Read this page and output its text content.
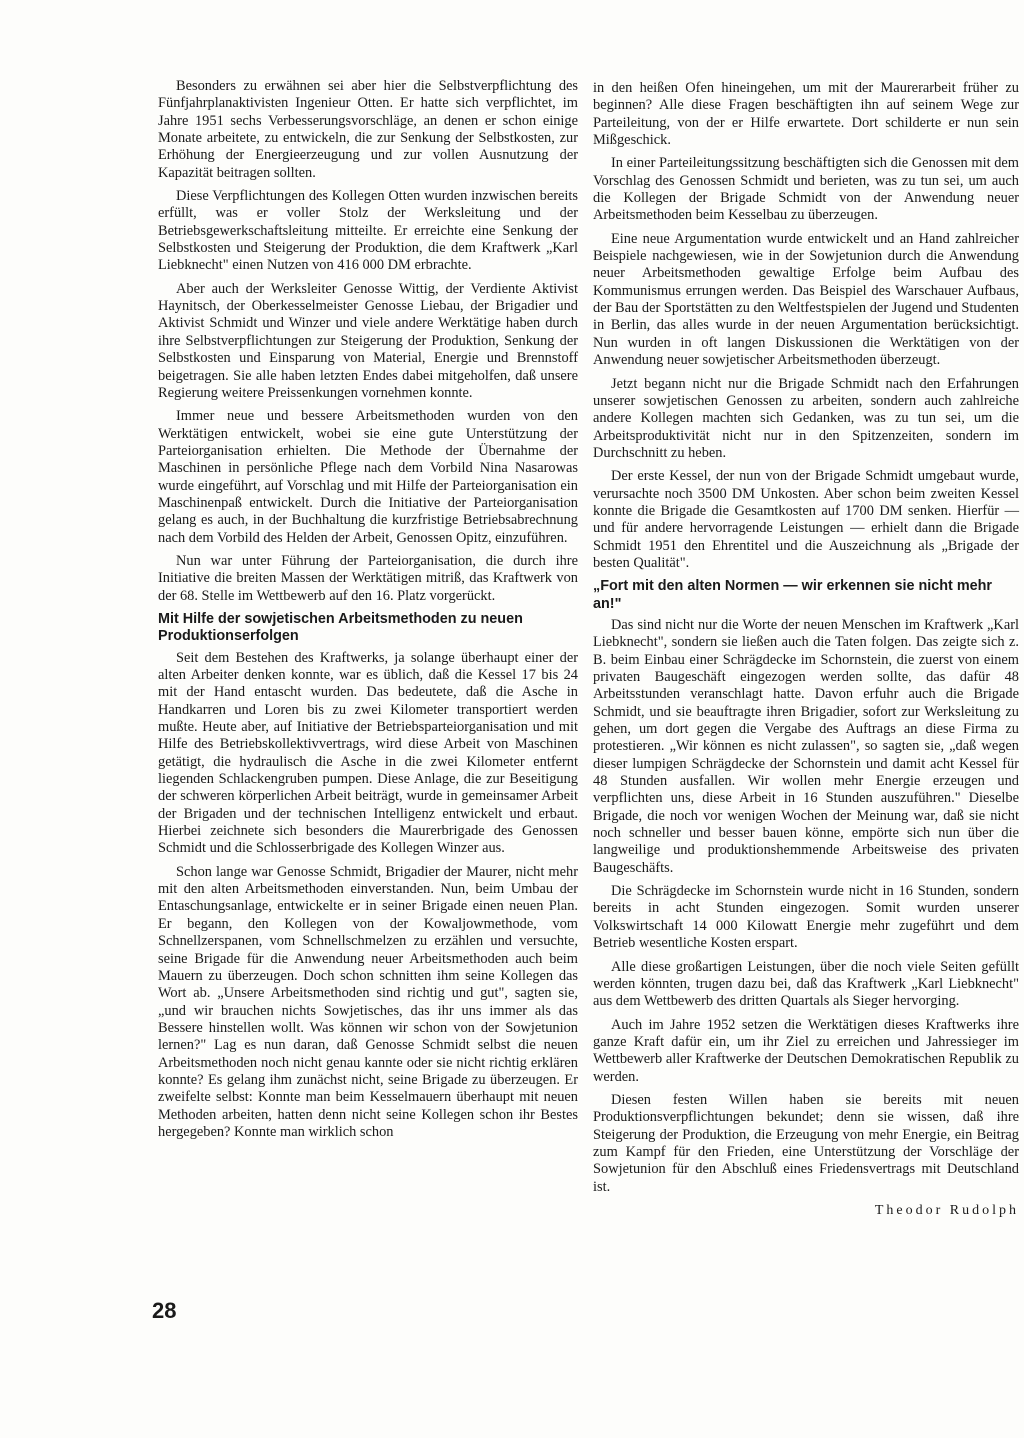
Besonders zu erwähnen sei aber hier die Selbstverpflichtung des Fünfjahrplanaktivisten Ingenieur Otten. Er hatte sich verpflichtet, im Jahre 1951 sechs Verbesserungsvorschläge, an denen er schon einige Monate arbeitete, zu entwickeln, die zur Senkung der Selbstkosten, zur Erhöhung der Energieerzeugung und zur vollen Ausnutzung der Kapazität beitragen sollten.

Diese Verpflichtungen des Kollegen Otten wurden inzwischen bereits erfüllt, was er voller Stolz der Werksleitung und der Betriebsgewerkschaftsleitung mitteilte. Er erreichte eine Senkung der Selbstkosten und Steigerung der Produktion, die dem Kraftwerk „Karl Liebknecht" einen Nutzen von 416 000 DM erbrachte.

Aber auch der Werksleiter Genosse Wittig, der Verdiente Aktivist Haynitsch, der Oberkesselmeister Genosse Liebau, der Brigadier und Aktivist Schmidt und Winzer und viele andere Werktätige haben durch ihre Selbstverpflichtungen zur Steigerung der Produktion, Senkung der Selbstkosten und Einsparung von Material, Energie und Brennstoff beigetragen. Sie alle haben letzten Endes dabei mitgeholfen, daß unsere Regierung weitere Preissenkungen vornehmen konnte.

Immer neue und bessere Arbeitsmethoden wurden von den Werktätigen entwickelt, wobei sie eine gute Unterstützung der Parteiorganisation erhielten. Die Methode der Übernahme der Maschinen in persönliche Pflege nach dem Vorbild Nina Nasarowas wurde eingeführt, auf Vorschlag und mit Hilfe der Parteiorganisation ein Maschinenpaß entwickelt. Durch die Initiative der Parteiorganisation gelang es auch, in der Buchhaltung die kurzfristige Betriebsabrechnung nach dem Vorbild des Helden der Arbeit, Genossen Opitz, einzuführen.

Nun war unter Führung der Parteiorganisation, die durch ihre Initiative die breiten Massen der Werktätigen mitriß, das Kraftwerk von der 68. Stelle im Wettbewerb auf den 16. Platz vorgerückt.

Mit Hilfe der sowjetischen Arbeitsmethoden zu neuen Produktionserfolgen

Seit dem Bestehen des Kraftwerks, ja solange überhaupt einer der alten Arbeiter denken konnte, war es üblich, daß die Kessel 17 bis 24 mit der Hand entascht wurden. Das bedeutete, daß die Asche in Handkarren und Loren bis zu zwei Kilometer transportiert werden mußte. Heute aber, auf Initiative der Betriebsparteiorganisation und mit Hilfe des Betriebskollektivvertrags, wird diese Arbeit von Maschinen getätigt, die hydraulisch die Asche in die zwei Kilometer entfernt liegenden Schlackengruben pumpen. Diese Anlage, die zur Beseitigung der schweren körperlichen Arbeit beiträgt, wurde in gemeinsamer Arbeit der Brigaden und der technischen Intelligenz entwickelt und erbaut. Hierbei zeichnete sich besonders die Maurerbrigade des Genossen Schmidt und die Schlosserbrigade des Kollegen Winzer aus.

Schon lange war Genosse Schmidt, Brigadier der Maurer, nicht mehr mit den alten Arbeitsmethoden einverstanden. Nun, beim Umbau der Entaschungsanlage, entwickelte er in seiner Brigade einen neuen Plan. Er begann, den Kollegen von der Kowaljowmethode, vom Schnellzerspanen, vom Schnellschmelzen zu erzählen und versuchte, seine Brigade für die Anwendung neuer Arbeitsmethoden auch beim Mauern zu überzeugen. Doch schon schnitten ihm seine Kollegen das Wort ab. „Unsere Arbeitsmethoden sind richtig und gut", sagten sie, „und wir brauchen nichts Sowjetisches, das ihr uns immer als das Bessere hinstellen wollt. Was können wir schon von der Sowjetunion lernen?" Lag es nun daran, daß Genosse Schmidt selbst die neuen Arbeitsmethoden noch nicht genau kannte oder sie nicht richtig erklären konnte? Es gelang ihm zunächst nicht, seine Brigade zu überzeugen. Er zweifelte selbst: Konnte man beim Kesselmauern überhaupt mit neuen Methoden arbeiten, hatten denn nicht seine Kollegen schon ihr Bestes hergegeben? Konnte man wirklich schon

in den heißen Ofen hineingehen, um mit der Maurerarbeit früher zu beginnen? Alle diese Fragen beschäftigten ihn auf seinem Wege zur Parteileitung, von der er Hilfe erwartete. Dort schilderte er nun sein Mißgeschick.

In einer Parteileitungssitzung beschäftigten sich die Genossen mit dem Vorschlag des Genossen Schmidt und berieten, was zu tun sei, um auch die Kollegen der Brigade Schmidt von der Anwendung neuer Arbeitsmethoden beim Kesselbau zu überzeugen.

Eine neue Argumentation wurde entwickelt und an Hand zahlreicher Beispiele nachgewiesen, wie in der Sowjetunion durch die Anwendung neuer Arbeitsmethoden gewaltige Erfolge beim Aufbau des Kommunismus errungen werden. Das Beispiel des Warschauer Aufbaus, der Bau der Sportstätten zu den Weltfestspielen der Jugend und Studenten in Berlin, das alles wurde in der neuen Argumentation berücksichtigt. Nun wurden in oft langen Diskussionen die Werktätigen von der Anwendung neuer sowjetischer Arbeitsmethoden überzeugt.

Jetzt begann nicht nur die Brigade Schmidt nach den Erfahrungen unserer sowjetischen Genossen zu arbeiten, sondern auch zahlreiche andere Kollegen machten sich Gedanken, was zu tun sei, um die Arbeitsproduktivität nicht nur in den Spitzenzeiten, sondern im Durchschnitt zu heben.

Der erste Kessel, der nun von der Brigade Schmidt umgebaut wurde, verursachte noch 3500 DM Unkosten. Aber schon beim zweiten Kessel konnte die Brigade die Gesamtkosten auf 1700 DM senken. Hierfür — und für andere hervorragende Leistungen — erhielt dann die Brigade Schmidt 1951 den Ehrentitel und die Auszeichnung als „Brigade der besten Qualität".

„Fort mit den alten Normen — wir erkennen sie nicht mehr an!"

Das sind nicht nur die Worte der neuen Menschen im Kraftwerk „Karl Liebknecht", sondern sie ließen auch die Taten folgen. Das zeigte sich z. B. beim Einbau einer Schrägdecke im Schornstein, die zuerst von einem privaten Baugeschäft eingezogen werden sollte, das dafür 48 Arbeitsstunden veranschlagt hatte. Davon erfuhr auch die Brigade Schmidt, und sie beauftragte ihren Brigadier, sofort zur Werksleitung zu gehen, um dort gegen die Vergabe des Auftrags an diese Firma zu protestieren. „Wir können es nicht zulassen", so sagten sie, „daß wegen dieser lumpigen Schrägdecke der Schornstein und damit acht Kessel für 48 Stunden ausfallen. Wir wollen mehr Energie erzeugen und verpflichten uns, diese Arbeit in 16 Stunden auszuführen." Dieselbe Brigade, die noch vor wenigen Wochen der Meinung war, daß sie nicht noch schneller und besser bauen könne, empörte sich nun über die langweilige und produktionshemmende Arbeitsweise des privaten Baugeschäfts.

Die Schrägdecke im Schornstein wurde nicht in 16 Stunden, sondern bereits in acht Stunden eingezogen. Somit wurden unserer Volkswirtschaft 14 000 Kilowatt Energie mehr zugeführt und dem Betrieb wesentliche Kosten erspart.

Alle diese großartigen Leistungen, über die noch viele Seiten gefüllt werden könnten, trugen dazu bei, daß das Kraftwerk „Karl Liebknecht" aus dem Wettbewerb des dritten Quartals als Sieger hervorging.

Auch im Jahre 1952 setzen die Werktätigen dieses Kraftwerks ihre ganze Kraft dafür ein, um ihr Ziel zu erreichen und Jahressieger im Wettbewerb aller Kraftwerke der Deutschen Demokratischen Republik zu werden.

Diesen festen Willen haben sie bereits mit neuen Produktionsverpflichtungen bekundet; denn sie wissen, daß ihre Steigerung der Produktion, die Erzeugung von mehr Energie, ein Beitrag zum Kampf für den Frieden, eine Unterstützung der Vorschläge der Sowjetunion für den Abschluß eines Friedensvertrags mit Deutschland ist.

Theodor Rudolph

28
